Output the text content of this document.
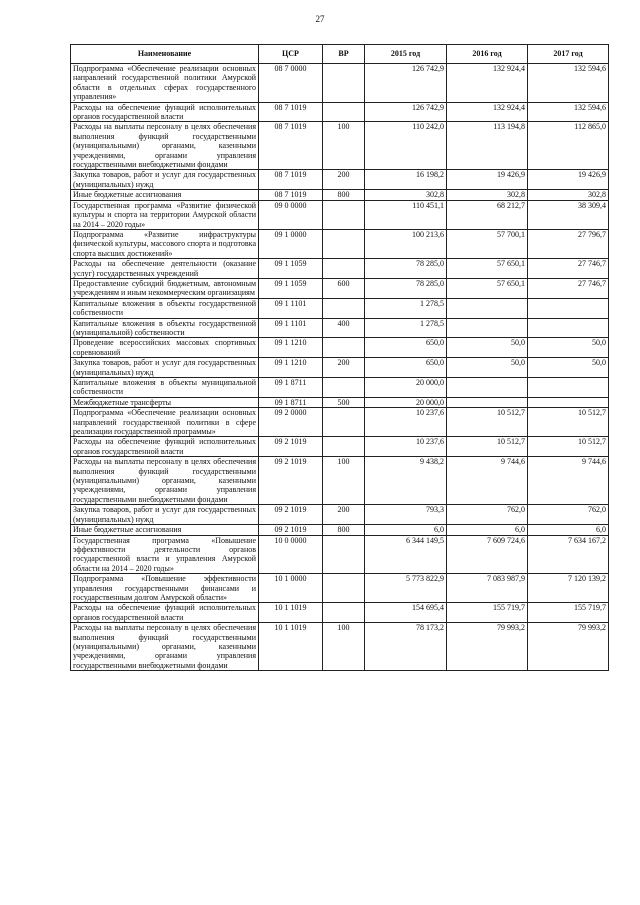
27
Наименование	ЦСР	ВР	2015 год	2016 год	2017 год
Подпрограмма «Обеспечение реализации основных направлений государственной политики Амурской области в отдельных сферах государственного управления»	08 7 0000		126 742,9	132 924,4	132 594,6
Расходы на обеспечение функций исполнительных органов государственной власти	08 7 1019		126 742,9	132 924,4	132 594,6
Расходы на выплаты персоналу в целях обеспечения выполнения функций государственными (муниципальными) органами, казенными учреждениями, органами управления государственными внебюджетными фондами	08 7 1019	100	110 242,0	113 194,8	112 865,0
Закупка товаров, работ и услуг для государственных (муниципальных) нужд	08 7 1019	200	16 198,2	19 426,9	19 426,9
Иные бюджетные ассигнования	08 7 1019	800	302,8	302,8	302,8
Государственная программа «Развитие физической культуры и спорта на территории Амурской области на 2014 – 2020 годы»	09 0 0000		110 451,1	68 212,7	38 309,4
Подпрограмма «Развитие инфраструктуры физической культуры, массового спорта и подготовка спорта высших достижений»	09 1 0000		100 213,6	57 700,1	27 796,7
Расходы на обеспечение деятельности (оказание услуг) государственных учреждений	09 1 1059		78 285,0	57 650,1	27 746,7
Предоставление субсидий бюджетным, автономным учреждениям и иным некоммерческим организациям	09 1 1059	600	78 285,0	57 650,1	27 746,7
Капитальные вложения в объекты государственной собственности	09 1 1101		1 278,5		
Капитальные вложения в объекты государственной (муниципальной) собственности	09 1 1101	400	1 278,5		
Проведение всероссийских массовых спортивных соревнований	09 1 1210		650,0	50,0	50,0
Закупка товаров, работ и услуг для государственных (муниципальных) нужд	09 1 1210	200	650,0	50,0	50,0
Капитальные вложения в объекты муниципальной собственности	09 1 8711		20 000,0		
Межбюджетные трансферты	09 1 8711	500	20 000,0		
Подпрограмма «Обеспечение реализации основных направлений государственной политики в сфере реализации государственной программы»	09 2 0000		10 237,6	10 512,7	10 512,7
Расходы на обеспечение функций исполнительных органов государственной власти	09 2 1019		10 237,6	10 512,7	10 512,7
Расходы на выплаты персоналу в целях обеспечения выполнения функций государственными (муниципальными) органами, казенными учреждениями, органами управления государственными внебюджетными фондами	09 2 1019	100	9 438,2	9 744,6	9 744,6
Закупка товаров, работ и услуг для государственных (муниципальных) нужд	09 2 1019	200	793,3	762,0	762,0
Иные бюджетные ассигнования	09 2 1019	800	6,0	6,0	6,0
Государственная программа «Повышение эффективности деятельности органов государственной власти и управления Амурской области на 2014 – 2020 годы»	10 0 0000		6 344 149,5	7 609 724,6	7 634 167,2
Подпрограмма «Повышение эффективности управления государственными финансами и государственным долгом Амурской области»	10 1 0000		5 773 822,9	7 083 987,9	7 120 139,2
Расходы на обеспечение функций исполнительных органов государственной власти	10 1 1019		154 695,4	155 719,7	155 719,7
Расходы на выплаты персоналу в целях обеспечения выполнения функций государственными (муниципальными) органами, казенными учреждениями, органами управления государственными внебюджетными фондами	10 1 1019	100	78 173,2	79 993,2	79 993,2
